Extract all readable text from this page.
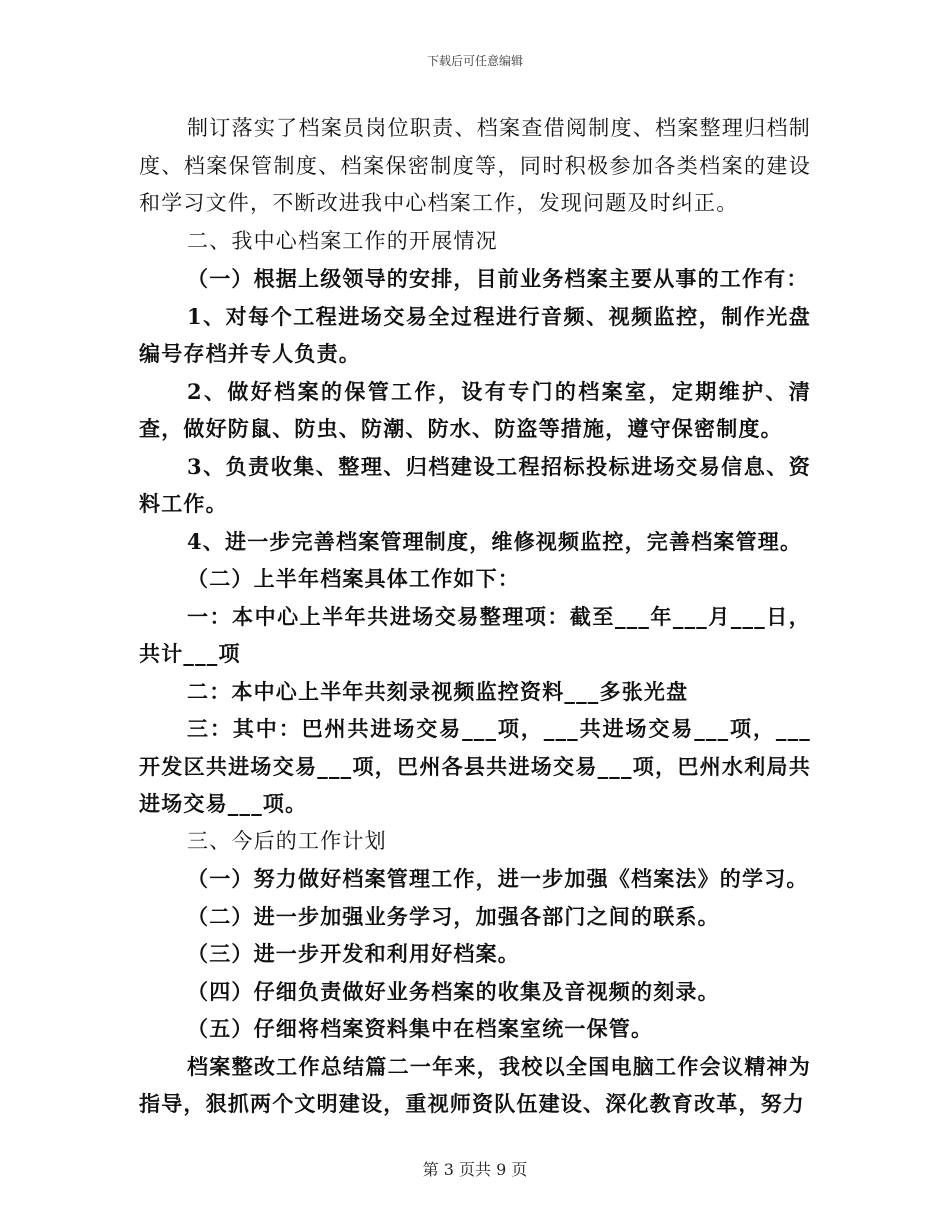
下载后可任意编辑

制订落实了档案员岗位职责、档案查借阅制度、档案整理归档制度、档案保管制度、档案保密制度等，同时积极参加各类档案的建设和学习文件，不断改进我中心档案工作，发现问题及时纠正。

二、我中心档案工作的开展情况

（一）根据上级领导的安排，目前业务档案主要从事的工作有：

1、对每个工程进场交易全过程进行音频、视频监控，制作光盘编号存档并专人负责。

2、做好档案的保管工作，设有专门的档案室，定期维护、清查，做好防鼠、防虫、防潮、防水、防盗等措施，遵守保密制度。

3、负责收集、整理、归档建设工程招标投标进场交易信息、资料工作。

4、进一步完善档案管理制度，维修视频监控，完善档案管理。

（二）上半年档案具体工作如下：

一：本中心上半年共进场交易整理项：截至___年___月___日，共计___项

二：本中心上半年共刻录视频监控资料___多张光盘

三：其中：巴州共进场交易___项，___共进场交易___项，___开发区共进场交易___项，巴州各县共进场交易___项，巴州水利局共进场交易___项。

三、今后的工作计划

（一）努力做好档案管理工作，进一步加强《档案法》的学习。

（二）进一步加强业务学习，加强各部门之间的联系。

（三）进一步开发和利用好档案。

（四）仔细负责做好业务档案的收集及音视频的刻录。

（五）仔细将档案资料集中在档案室统一保管。

档案整改工作总结篇二一年来，我校以全国电脑工作会议精神为指导，狠抓两个文明建设，重视师资队伍建设、深化教育改革，努力

第 3 页共 9 页
